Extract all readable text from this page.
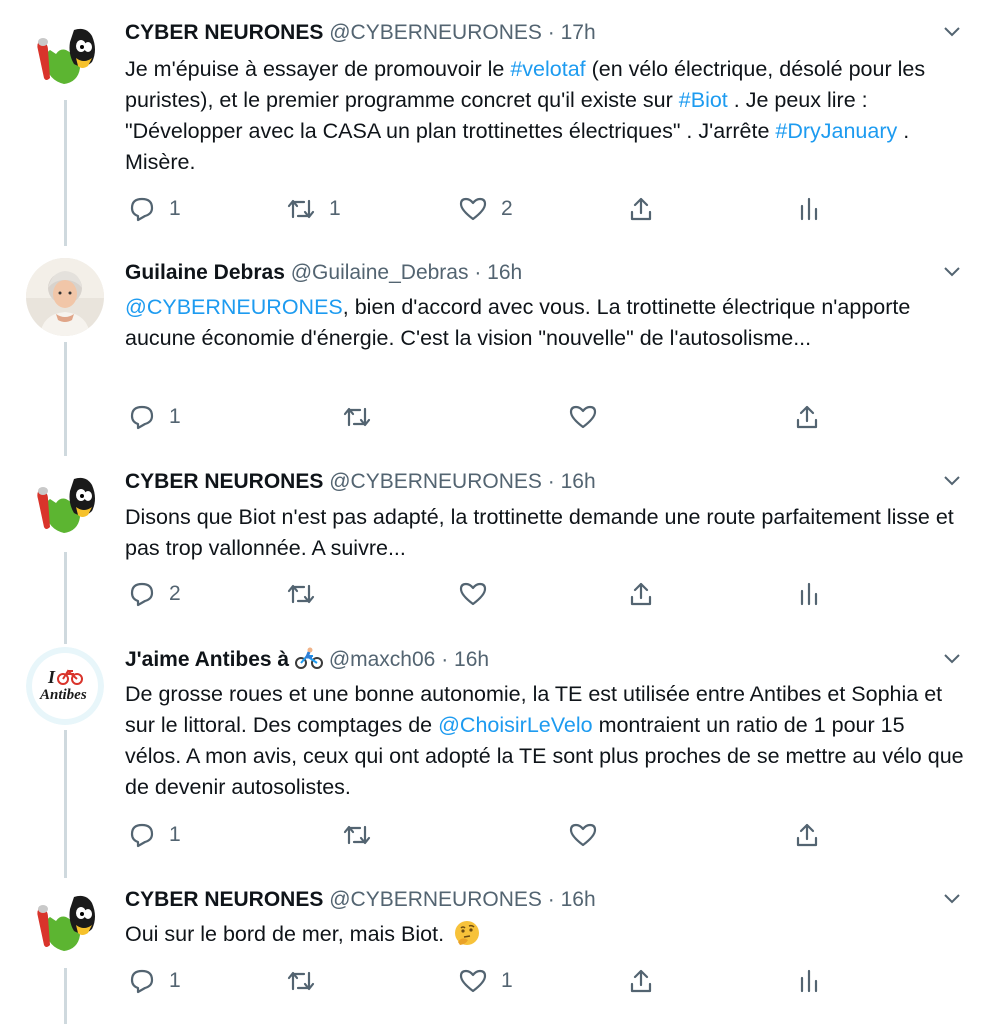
CYBER NEURONES @CYBERNEURONES · 17h
Je m'épuise à essayer de promouvoir le #velotaf (en vélo électrique, désolé pour les puristes), et le premier programme concret qu'il existe sur #Biot . Je peux lire : "Développer avec la CASA un plan trottinettes électriques" . J'arrête #DryJanuary . Misère.
1	1	2
Guilaine Debras @Guilaine_Debras · 16h
@CYBERNEURONES, bien d'accord avec vous. La trottinette électrique n'apporte aucune économie d'énergie. C'est la vision "nouvelle" de l'autosolisme...
1
CYBER NEURONES @CYBERNEURONES · 16h
Disons que Biot n'est pas adapté, la trottinette demande une route parfaitement lisse et pas trop vallonnée. A suivre...
2
I
Antibes
J'aime Antibes à @maxch06 · 16h
De grosse roues et une bonne autonomie, la TE est utilisée entre Antibes et Sophia et sur le littoral. Des comptages de @ChoisirLeVelo montraient un ratio de 1 pour 15 vélos. A mon avis, ceux qui ont adopté la TE sont plus proches de se mettre au vélo que de devenir autosolistes.
1
CYBER NEURONES @CYBERNEURONES · 16h
Oui sur le bord de mer, mais Biot.
1	1
